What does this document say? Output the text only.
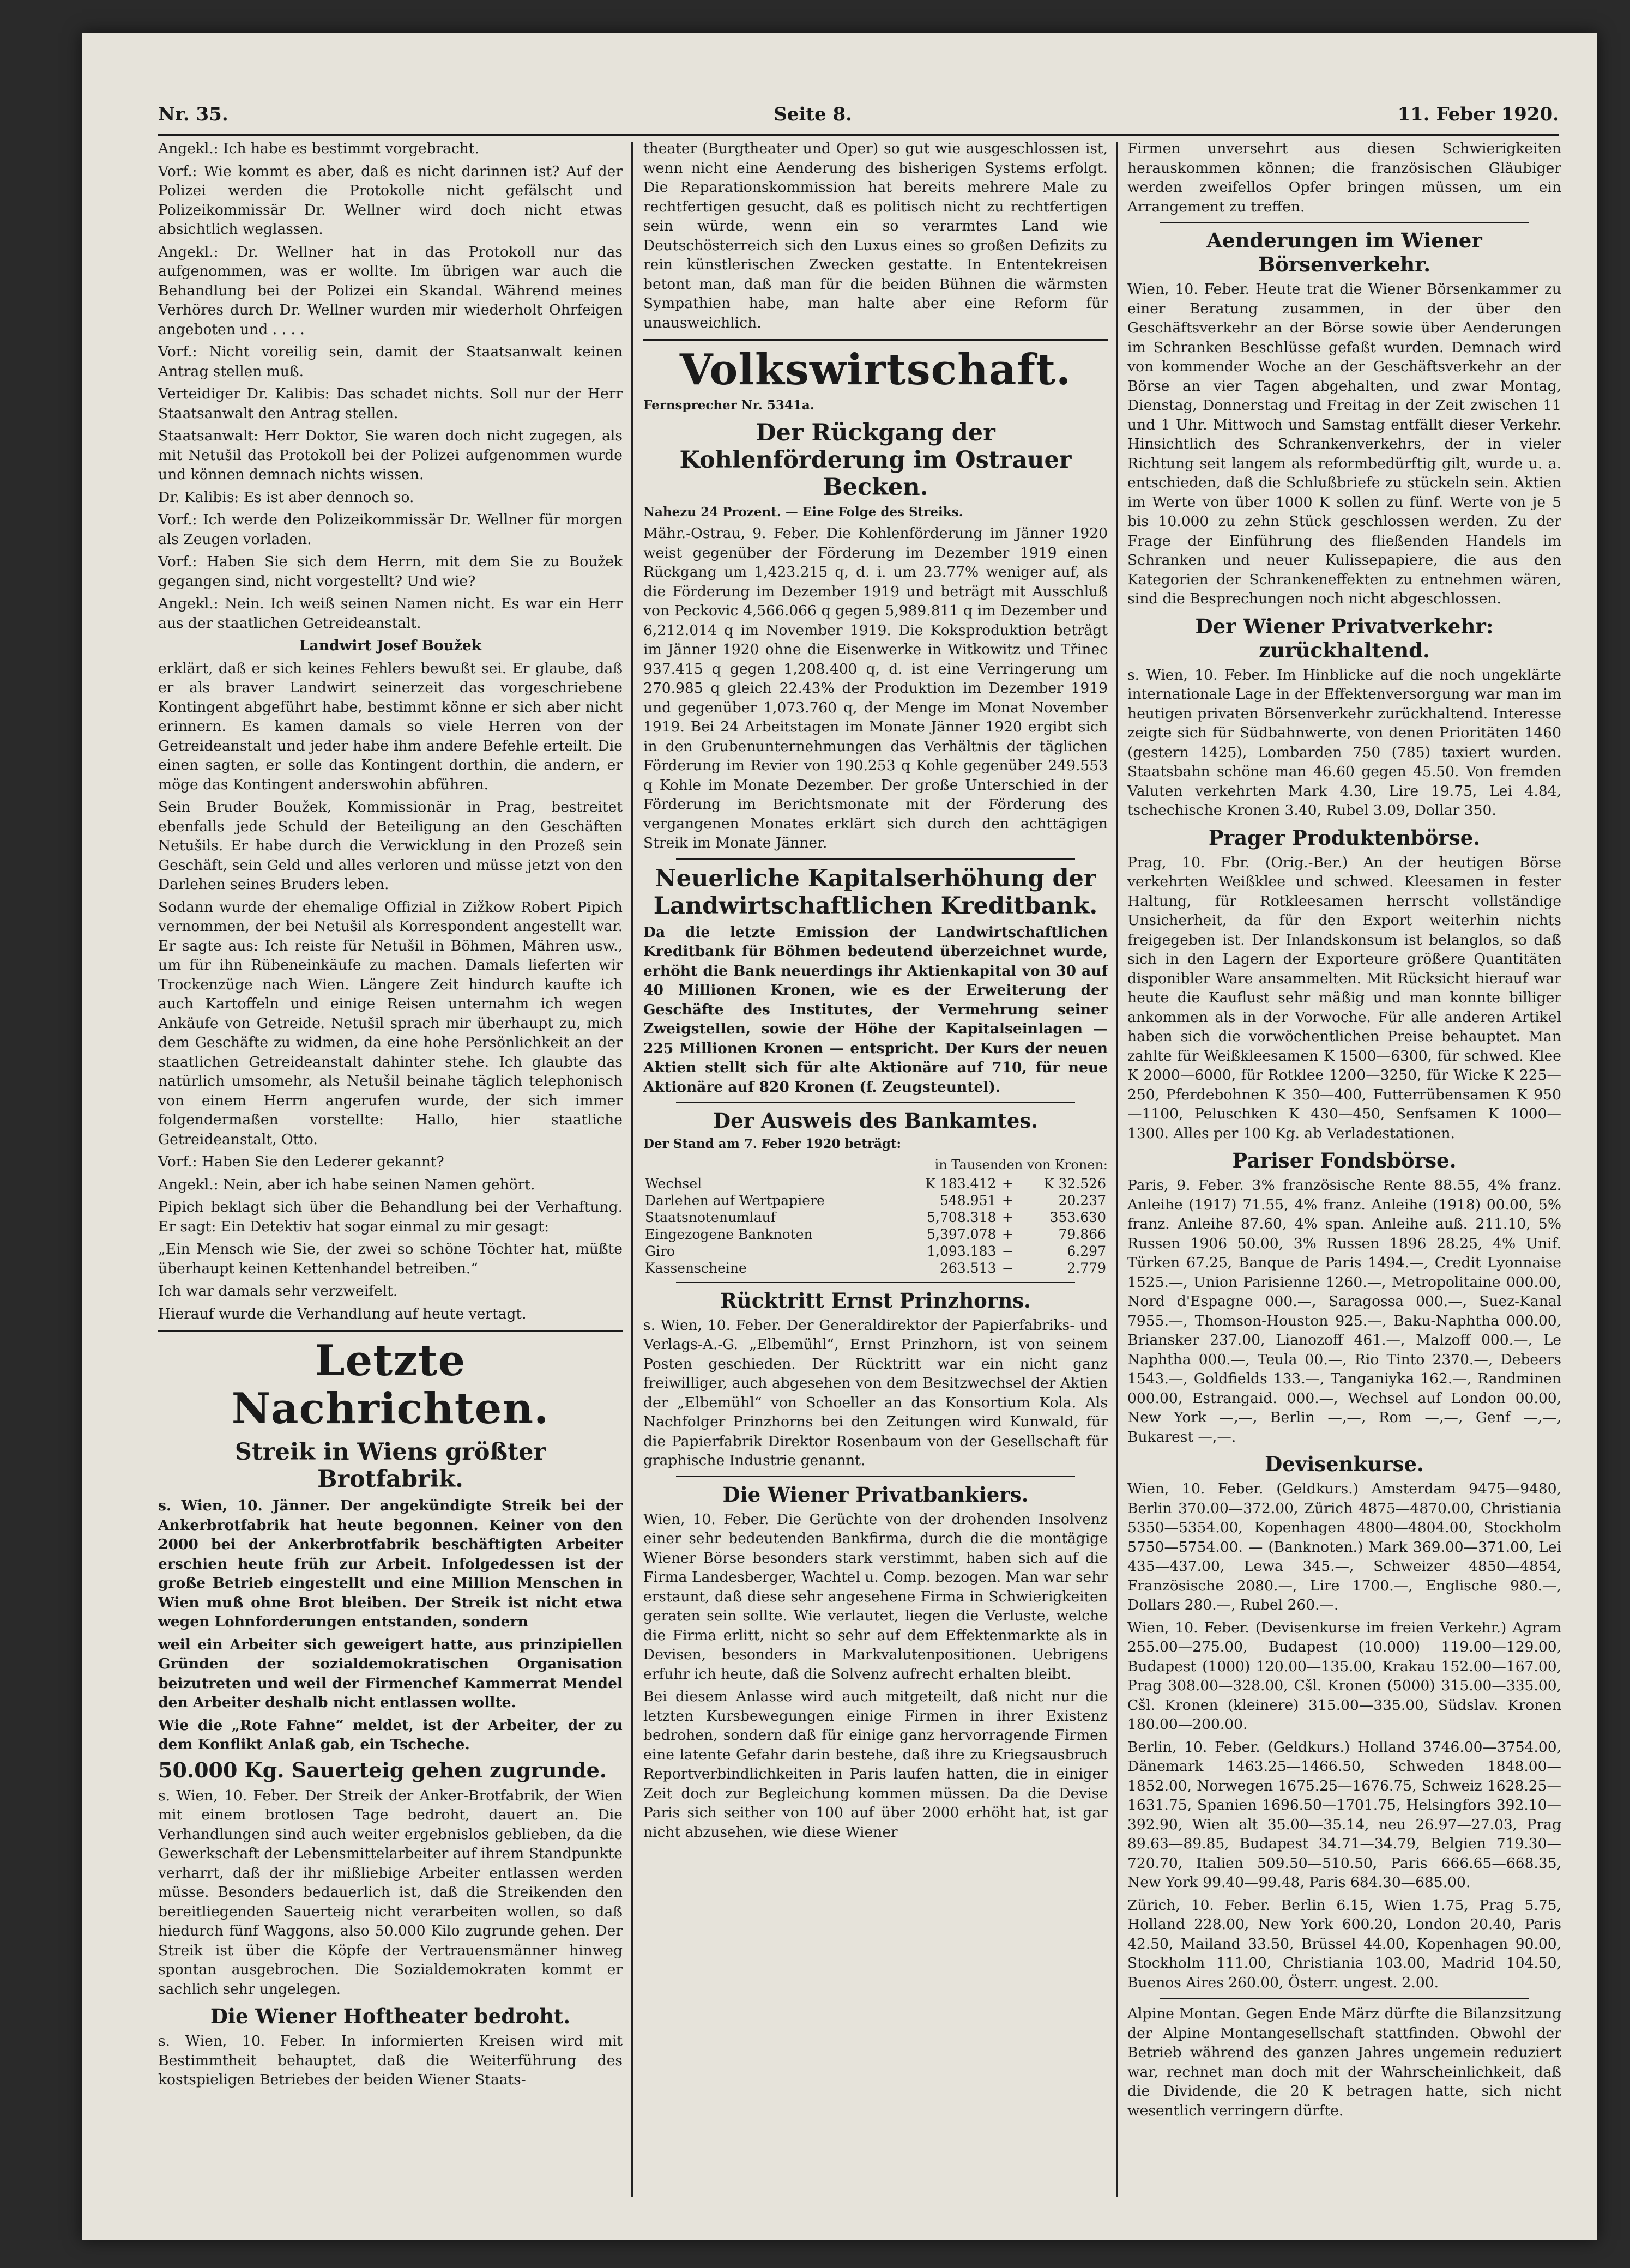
Nr. 35.	Seite 8.	11. Feber 1920.

Angekl.: Ich habe es bestimmt vorgebracht.

Vorf.: Wie kommt es aber, daß es nicht darinnen ist? Auf der Polizei werden die Protokolle nicht gefälscht und Polizeikommissär Dr. Wellner wird doch nicht etwas absichtlich weglassen.

Angekl.: Dr. Wellner hat in das Protokoll nur das aufgenommen, was er wollte. Im übrigen war auch die Behandlung bei der Polizei ein Skandal. Während meines Verhöres durch Dr. Wellner wurden mir wiederholt Ohrfeigen angeboten und . . . .

Vorf.: Nicht voreilig sein, damit der Staatsanwalt keinen Antrag stellen muß.

Verteidiger Dr. Kalibis: Das schadet nichts. Soll nur der Herr Staatsanwalt den Antrag stellen.

Staatsanwalt: Herr Doktor, Sie waren doch nicht zugegen, als mit Netušil das Protokoll bei der Polizei aufgenommen wurde und können demnach nichts wissen.

Dr. Kalibis: Es ist aber dennoch so.

Vorf.: Ich werde den Polizeikommissär Dr. Wellner für morgen als Zeugen vorladen.

Vorf.: Haben Sie sich dem Herrn, mit dem Sie zu Boužek gegangen sind, nicht vorgestellt? Und wie?

Angekl.: Nein. Ich weiß seinen Namen nicht. Es war ein Herr aus der staatlichen Getreideanstalt.

Landwirt Josef Boužek

erklärt, daß er sich keines Fehlers bewußt sei. Er glaube, daß er als braver Landwirt seinerzeit das vorgeschriebene Kontingent abgeführt habe, bestimmt könne er sich aber nicht erinnern. Es kamen damals so viele Herren von der Getreideanstalt und jeder habe ihm andere Befehle erteilt. Die einen sagten, er solle das Kontingent dorthin, die andern, er möge das Kontingent anderswohin abführen.

Sein Bruder Boužek, Kommissionär in Prag, bestreitet ebenfalls jede Schuld der Beteiligung an den Geschäften Netušils. Er habe durch die Verwicklung in den Prozeß sein Geschäft, sein Geld und alles verloren und müsse jetzt von den Darlehen seines Bruders leben.

Sodann wurde der ehemalige Offizial in Zižkow Robert Pipich vernommen, der bei Netušil als Korrespondent angestellt war. Er sagte aus: Ich reiste für Netušil in Böhmen, Mähren usw., um für ihn Rübeneinkäufe zu machen. Damals lieferten wir Trockenzüge nach Wien. Längere Zeit hindurch kaufte ich auch Kartoffeln und einige Reisen unternahm ich wegen Ankäufe von Getreide. Netušil sprach mir überhaupt zu, mich dem Geschäfte zu widmen, da eine hohe Persönlichkeit an der staatlichen Getreideanstalt dahinter stehe. Ich glaubte das natürlich umsomehr, als Netušil beinahe täglich telephonisch von einem Herrn angerufen wurde, der sich immer folgendermaßen vorstellte: Hallo, hier staatliche Getreideanstalt, Otto.

Vorf.: Haben Sie den Lederer gekannt?

Angekl.: Nein, aber ich habe seinen Namen gehört.

Pipich beklagt sich über die Behandlung bei der Verhaftung. Er sagt: Ein Detektiv hat sogar einmal zu mir gesagt:

„Ein Mensch wie Sie, der zwei so schöne Töchter hat, müßte überhaupt keinen Kettenhandel betreiben.“

Ich war damals sehr verzweifelt.

Hierauf wurde die Verhandlung auf heute vertagt.

Letzte Nachrichten.
Streik in Wiens größter Brotfabrik.

s. Wien, 10. Jänner. Der angekündigte Streik bei der Ankerbrotfabrik hat heute begonnen. Keiner von den 2000 bei der Ankerbrotfabrik beschäftigten Arbeiter erschien heute früh zur Arbeit. Infolgedessen ist der große Betrieb eingestellt und eine Million Menschen in Wien muß ohne Brot bleiben. Der Streik ist nicht etwa wegen Lohnforderungen entstanden, sondern

weil ein Arbeiter sich geweigert hatte, aus prinzipiellen Gründen der sozialdemokratischen Organisation beizutreten und weil der Firmenchef Kammerrat Mendel den Arbeiter deshalb nicht entlassen wollte.

Wie die „Rote Fahne“ meldet, ist der Arbeiter, der zu dem Konflikt Anlaß gab, ein Tscheche.

50.000 Kg. Sauerteig gehen zugrunde.

s. Wien, 10. Feber. Der Streik der Anker-Brotfabrik, der Wien mit einem brotlosen Tage bedroht, dauert an. Die Verhandlungen sind auch weiter ergebnislos geblieben, da die Gewerkschaft der Lebensmittelarbeiter auf ihrem Standpunkte verharrt, daß der ihr mißliebige Arbeiter entlassen werden müsse. Besonders bedauerlich ist, daß die Streikenden den bereitliegenden Sauerteig nicht verarbeiten wollen, so daß hiedurch fünf Waggons, also 50.000 Kilo zugrunde gehen. Der Streik ist über die Köpfe der Vertrauensmänner hinweg spontan ausgebrochen. Die Sozialdemokraten kommt er sachlich sehr ungelegen.

Die Wiener Hoftheater bedroht.

s. Wien, 10. Feber. In informierten Kreisen wird mit Bestimmtheit behauptet, daß die Weiterführung des kostspieligen Betriebes der beiden Wiener Staats-

theater (Burgtheater und Oper) so gut wie ausgeschlossen ist, wenn nicht eine Aenderung des bisherigen Systems erfolgt. Die Reparationskommission hat bereits mehrere Male zu rechtfertigen gesucht, daß es politisch nicht zu rechtfertigen sein würde, wenn ein so verarmtes Land wie Deutschösterreich sich den Luxus eines so großen Defizits zu rein künstlerischen Zwecken gestatte. In Ententekreisen betont man, daß man für die beiden Bühnen die wärmsten Sympathien habe, man halte aber eine Reform für unausweichlich.

Volkswirtschaft.

Fernsprecher Nr. 5341a.

Der Rückgang der Kohlenförderung im Ostrauer Becken.

Nahezu 24 Prozent. — Eine Folge des Streiks.

Mähr.-Ostrau, 9. Feber. Die Kohlenförderung im Jänner 1920 weist gegenüber der Förderung im Dezember 1919 einen Rückgang um 1,423.215 q, d. i. um 23.77% weniger auf, als die Förderung im Dezember 1919 und beträgt mit Ausschluß von Peckovic 4,566.066 q gegen 5,989.811 q im Dezember und 6,212.014 q im November 1919. Die Koksproduktion beträgt im Jänner 1920 ohne die Eisenwerke in Witkowitz und Třinec 937.415 q gegen 1,208.400 q, d. ist eine Verringerung um 270.985 q gleich 22.43% der Produktion im Dezember 1919 und gegenüber 1,073.760 q, der Menge im Monat November 1919. Bei 24 Arbeitstagen im Monate Jänner 1920 ergibt sich in den Grubenunternehmungen das Verhältnis der täglichen Förderung im Revier von 190.253 q Kohle gegenüber 249.553 q Kohle im Monate Dezember. Der große Unterschied in der Förderung im Berichtsmonate mit der Förderung des vergangenen Monates erklärt sich durch den achttägigen Streik im Monate Jänner.

Neuerliche Kapitalserhöhung der Landwirtschaftlichen Kreditbank.

Da die letzte Emission der Landwirtschaftlichen Kreditbank für Böhmen bedeutend überzeichnet wurde, erhöht die Bank neuerdings ihr Aktienkapital von 30 auf 40 Millionen Kronen, wie es der Erweiterung der Geschäfte des Institutes, der Vermehrung seiner Zweigstellen, sowie der Höhe der Kapitalseinlagen — 225 Millionen Kronen — entspricht. Der Kurs der neuen Aktien stellt sich für alte Aktionäre auf 710, für neue Aktionäre auf 820 Kronen (f. Zeugsteuntel).

Der Ausweis des Bankamtes.

Der Stand am 7. Feber 1920 beträgt:

in Tausenden von Kronen:
Wechsel	K 183.412	+	K 32.526
Darlehen auf Wertpapiere	548.951	+	20.237
Staatsnotenumlauf	5,708.318	+	353.630
Eingezogene Banknoten	5,397.078	+	79.866
Giro	1,093.183	−	6.297
Kassenscheine	263.513	−	2.779
Rücktritt Ernst Prinzhorns.

s. Wien, 10. Feber. Der Generaldirektor der Papierfabriks- und Verlags-A.-G. „Elbemühl“, Ernst Prinzhorn, ist von seinem Posten geschieden. Der Rücktritt war ein nicht ganz freiwilliger, auch abgesehen von dem Besitzwechsel der Aktien der „Elbemühl“ von Schoeller an das Konsortium Kola. Als Nachfolger Prinzhorns bei den Zeitungen wird Kunwald, für die Papierfabrik Direktor Rosenbaum von der Gesellschaft für graphische Industrie genannt.

Die Wiener Privatbankiers.

Wien, 10. Feber. Die Gerüchte von der drohenden Insolvenz einer sehr bedeutenden Bankfirma, durch die die montägige Wiener Börse besonders stark verstimmt, haben sich auf die Firma Landesberger, Wachtel u. Comp. bezogen. Man war sehr erstaunt, daß diese sehr angesehene Firma in Schwierigkeiten geraten sein sollte. Wie verlautet, liegen die Verluste, welche die Firma erlitt, nicht so sehr auf dem Effektenmarkte als in Devisen, besonders in Markvalutenpositionen. Uebrigens erfuhr ich heute, daß die Solvenz aufrecht erhalten bleibt.

Bei diesem Anlasse wird auch mitgeteilt, daß nicht nur die letzten Kursbewegungen einige Firmen in ihrer Existenz bedrohen, sondern daß für einige ganz hervorragende Firmen eine latente Gefahr darin bestehe, daß ihre zu Kriegsausbruch Reportverbindlichkeiten in Paris laufen hatten, die in einiger Zeit doch zur Begleichung kommen müssen. Da die Devise Paris sich seither von 100 auf über 2000 erhöht hat, ist gar nicht abzusehen, wie diese Wiener

Firmen unversehrt aus diesen Schwierigkeiten herauskommen können; die französischen Gläubiger werden zweifellos Opfer bringen müssen, um ein Arrangement zu treffen.

Aenderungen im Wiener Börsenverkehr.

Wien, 10. Feber. Heute trat die Wiener Börsenkammer zu einer Beratung zusammen, in der über den Geschäftsverkehr an der Börse sowie über Aenderungen im Schranken Beschlüsse gefaßt wurden. Demnach wird von kommender Woche an der Geschäftsverkehr an der Börse an vier Tagen abgehalten, und zwar Montag, Dienstag, Donnerstag und Freitag in der Zeit zwischen 11 und 1 Uhr. Mittwoch und Samstag entfällt dieser Verkehr. Hinsichtlich des Schrankenverkehrs, der in vieler Richtung seit langem als reformbedürftig gilt, wurde u. a. entschieden, daß die Schlußbriefe zu stückeln sein. Aktien im Werte von über 1000 K sollen zu fünf. Werte von je 5 bis 10.000 zu zehn Stück geschlossen werden. Zu der Frage der Einführung des fließenden Handels im Schranken und neuer Kulissepapiere, die aus den Kategorien der Schrankeneffekten zu entnehmen wären, sind die Besprechungen noch nicht abgeschlossen.

Der Wiener Privatverkehr: zurückhaltend.

s. Wien, 10. Feber. Im Hinblicke auf die noch ungeklärte internationale Lage in der Effektenversorgung war man im heutigen privaten Börsenverkehr zurückhaltend. Interesse zeigte sich für Südbahnwerte, von denen Prioritäten 1460 (gestern 1425), Lombarden 750 (785) taxiert wurden. Staatsbahn schöne man 46.60 gegen 45.50. Von fremden Valuten verkehrten Mark 4.30, Lire 19.75, Lei 4.84, tschechische Kronen 3.40, Rubel 3.09, Dollar 350.

Prager Produktenbörse.

Prag, 10. Fbr. (Orig.-Ber.) An der heutigen Börse verkehrten Weißklee und schwed. Kleesamen in fester Haltung, für Rotkleesamen herrscht vollständige Unsicherheit, da für den Export weiterhin nichts freigegeben ist. Der Inlandskonsum ist belanglos, so daß sich in den Lagern der Exporteure größere Quantitäten disponibler Ware ansammelten. Mit Rücksicht hierauf war heute die Kauflust sehr mäßig und man konnte billiger ankommen als in der Vorwoche. Für alle anderen Artikel haben sich die vorwöchentlichen Preise behauptet. Man zahlte für Weißkleesamen K 1500—6300, für schwed. Klee K 2000—6000, für Rotklee 1200—3250, für Wicke K 225—250, Pferdebohnen K 350—400, Futterrübensamen K 950—1100, Peluschken K 430—450, Senfsamen K 1000—1300. Alles per 100 Kg. ab Verladestationen.

Pariser Fondsbörse.

Paris, 9. Feber. 3% französische Rente 88.55, 4% franz. Anleihe (1917) 71.55, 4% franz. Anleihe (1918) 00.00, 5% franz. Anleihe 87.60, 4% span. Anleihe auß. 211.10, 5% Russen 1906 50.00, 3% Russen 1896 28.25, 4% Unif. Türken 67.25, Banque de Paris 1494.—, Credit Lyonnaise 1525.—, Union Parisienne 1260.—, Metropolitaine 000.00, Nord d'Espagne 000.—, Saragossa 000.—, Suez-Kanal 7955.—, Thomson-Houston 925.—, Baku-Naphtha 000.00, Briansker 237.00, Lianozoff 461.—, Malzoff 000.—, Le Naphtha 000.—, Teula 00.—, Rio Tinto 2370.—, Debeers 1543.—, Goldfields 133.—, Tanganiyka 162.—, Randminen 000.00, Estrangaid. 000.—, Wechsel auf London 00.00, New York —,—, Berlin —,—, Rom —,—, Genf —,—, Bukarest —,—.

Devisenkurse.

Wien, 10. Feber. (Geldkurs.) Amsterdam 9475—9480, Berlin 370.00—372.00, Zürich 4875—4870.00, Christiania 5350—5354.00, Kopenhagen 4800—4804.00, Stockholm 5750—5754.00. — (Banknoten.) Mark 369.00—371.00, Lei 435—437.00, Lewa 345.—, Schweizer 4850—4854, Französische 2080.—, Lire 1700.—, Englische 980.—, Dollars 280.—, Rubel 260.—.

Wien, 10. Feber. (Devisenkurse im freien Verkehr.) Agram 255.00—275.00, Budapest (10.000) 119.00—129.00, Budapest (1000) 120.00—135.00, Krakau 152.00—167.00, Prag 308.00—328.00, Cšl. Kronen (5000) 315.00—335.00, Cšl. Kronen (kleinere) 315.00—335.00, Südslav. Kronen 180.00—200.00.

Berlin, 10. Feber. (Geldkurs.) Holland 3746.00—3754.00, Dänemark 1463.25—1466.50, Schweden 1848.00—1852.00, Norwegen 1675.25—1676.75, Schweiz 1628.25—1631.75, Spanien 1696.50—1701.75, Helsingfors 392.10—392.90, Wien alt 35.00—35.14, neu 26.97—27.03, Prag 89.63—89.85, Budapest 34.71—34.79, Belgien 719.30—720.70, Italien 509.50—510.50, Paris 666.65—668.35, New York 99.40—99.48, Paris 684.30—685.00.

Zürich, 10. Feber. Berlin 6.15, Wien 1.75, Prag 5.75, Holland 228.00, New York 600.20, London 20.40, Paris 42.50, Mailand 33.50, Brüssel 44.00, Kopenhagen 90.00, Stockholm 111.00, Christiania 103.00, Madrid 104.50, Buenos Aires 260.00, Österr. ungest. 2.00.

Alpine Montan. Gegen Ende März dürfte die Bilanzsitzung der Alpine Montangesellschaft stattfinden. Obwohl der Betrieb während des ganzen Jahres ungemein reduziert war, rechnet man doch mit der Wahrscheinlichkeit, daß die Dividende, die 20 K betragen hatte, sich nicht wesentlich verringern dürfte.
